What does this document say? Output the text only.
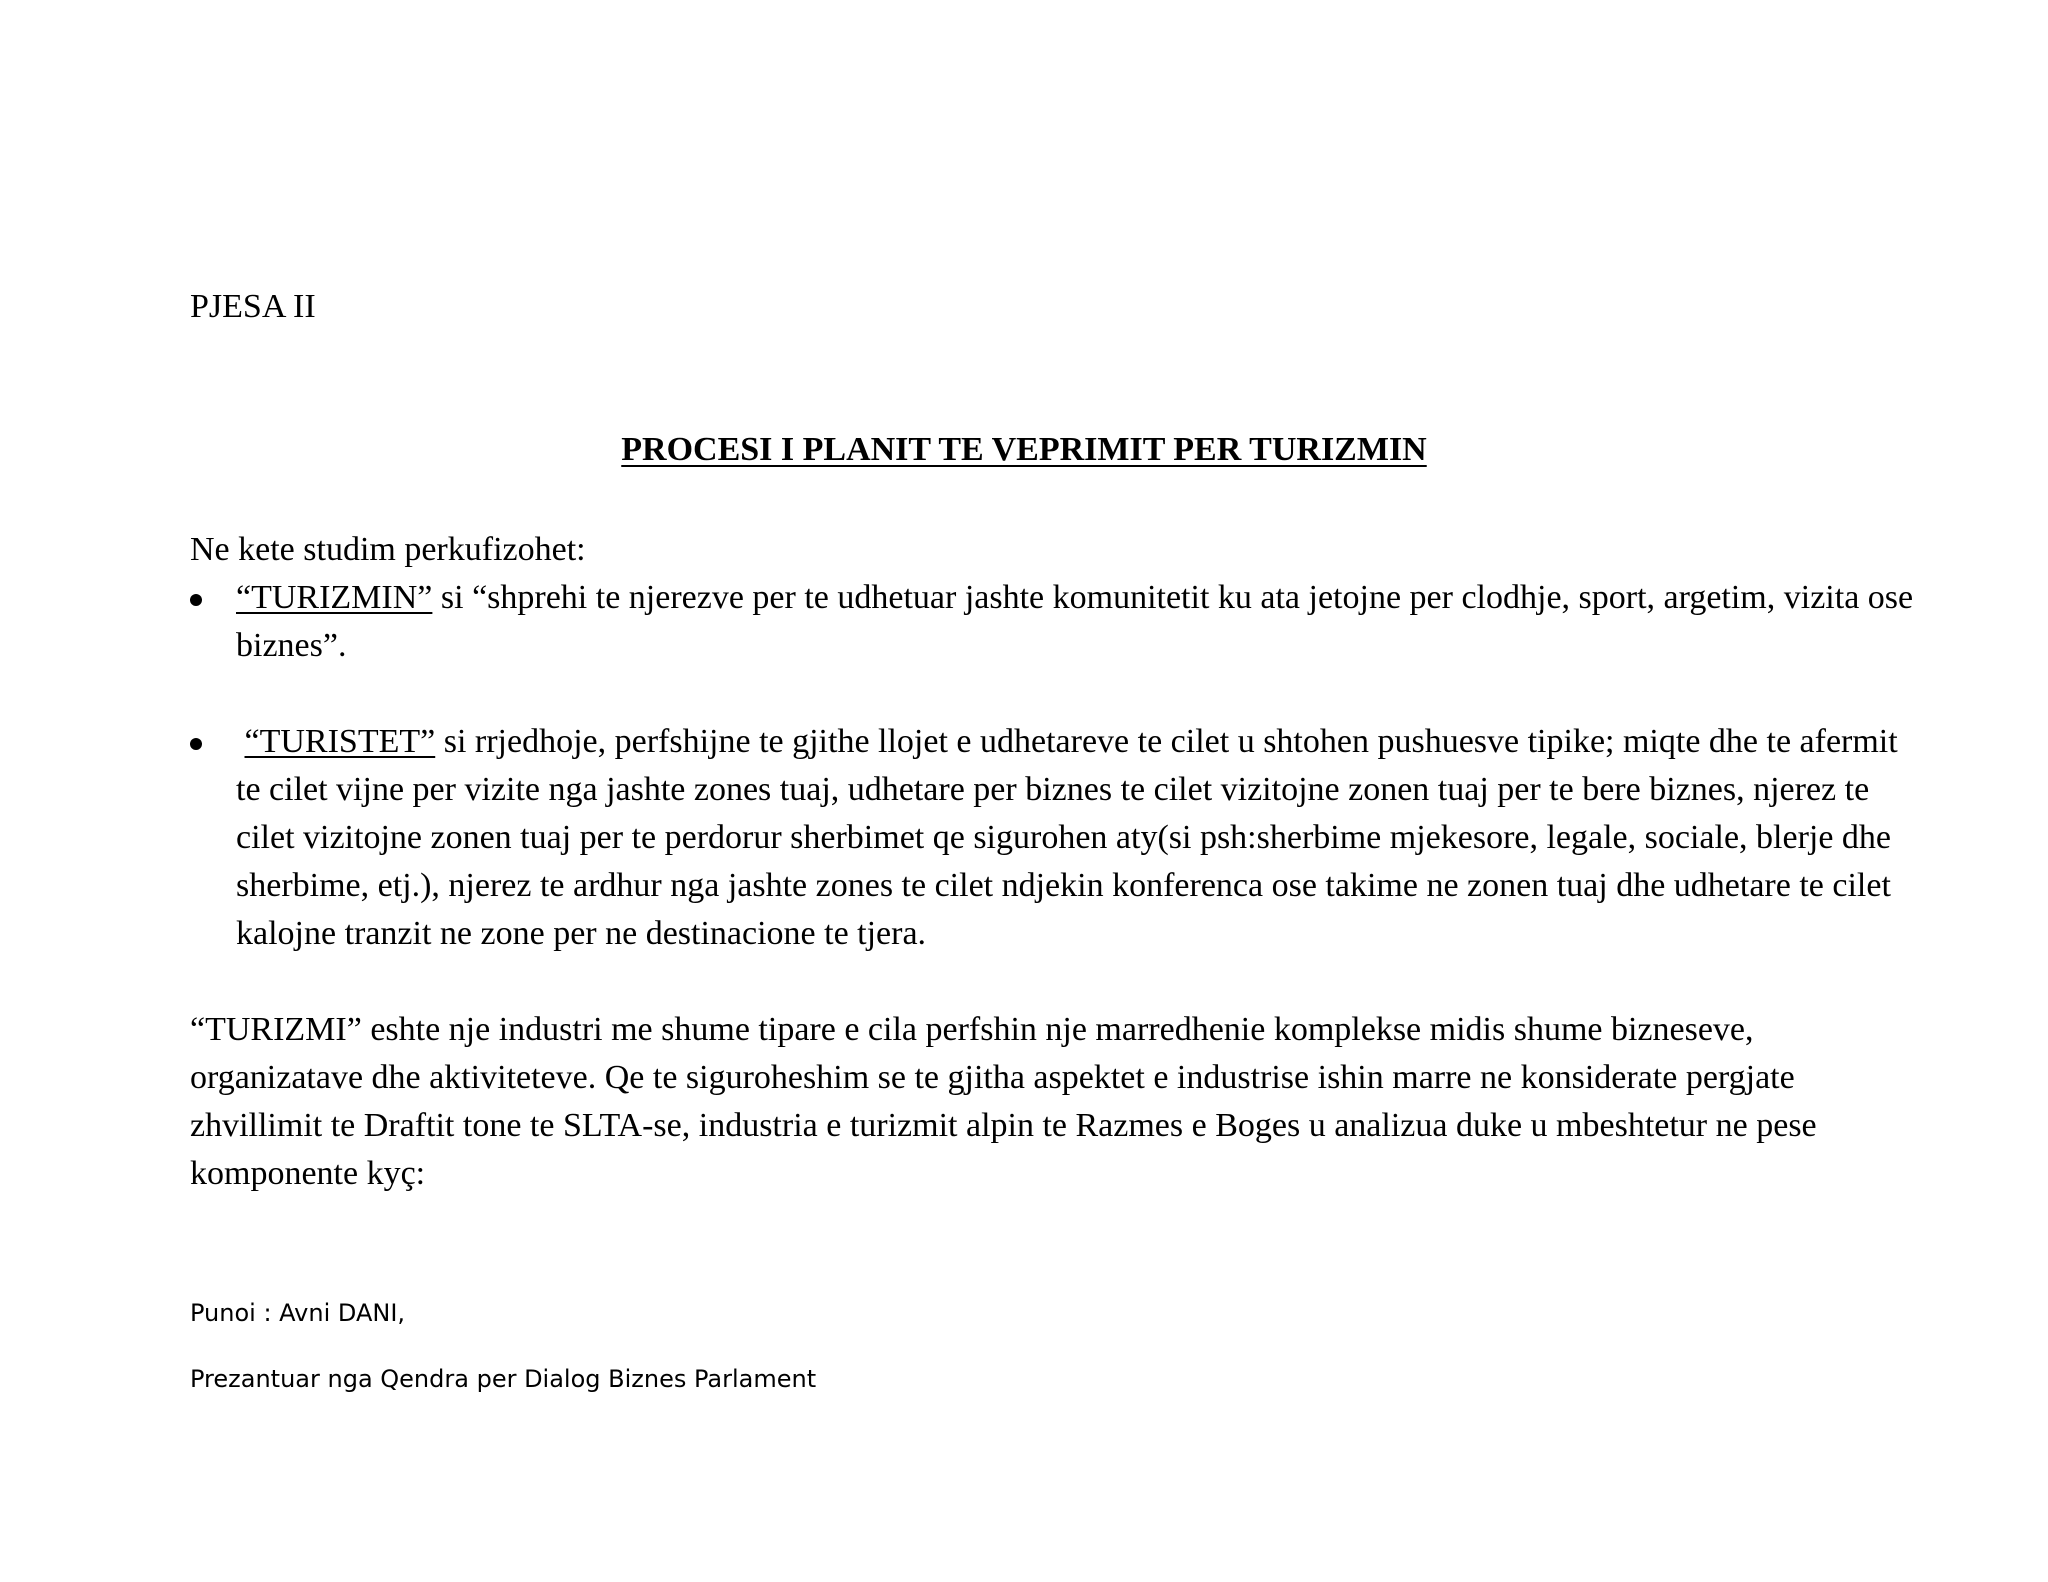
PJESA II
PROCESI I PLANIT TE VEPRIMIT PER TURIZMIN
Ne kete studim perkufizohet:
“TURIZMIN” si “shprehi te njerezve per te udhetuar jashte komunitetit ku ata jetojne per clodhje, sport, argetim, vizita ose biznes”.
“TURISTET” si rrjedhoje, perfshijne te gjithe llojet e udhetareve te cilet u shtohen pushuesve tipike; miqte dhe te afermit te cilet vijne per vizite nga jashte zones tuaj, udhetare per biznes te cilet vizitojne zonen tuaj per te bere biznes, njerez te cilet vizitojne zonen tuaj per te perdorur sherbimet qe sigurohen aty(si psh:sherbime mjekesore, legale, sociale, blerje dhe sherbime, etj.), njerez te ardhur nga jashte zones te cilet ndjekin konferenca ose takime ne zonen tuaj dhe udhetare te cilet kalojne tranzit ne zone per ne destinacione te tjera.

“TURIZMI” eshte nje industri me shume tipare e cila perfshin nje marredhenie komplekse midis shume bizneseve, organizatave dhe aktiviteteve. Qe te siguroheshim se te gjitha aspektet e industrise ishin marre ne konsiderate pergjate zhvillimit te Draftit tone te SLTA-se, industria e turizmit alpin te Razmes e Boges u analizua duke u mbeshtetur ne pese komponente kyç:

Punoi : Avni DANI,
Prezantuar nga Qendra per Dialog Biznes Parlament
